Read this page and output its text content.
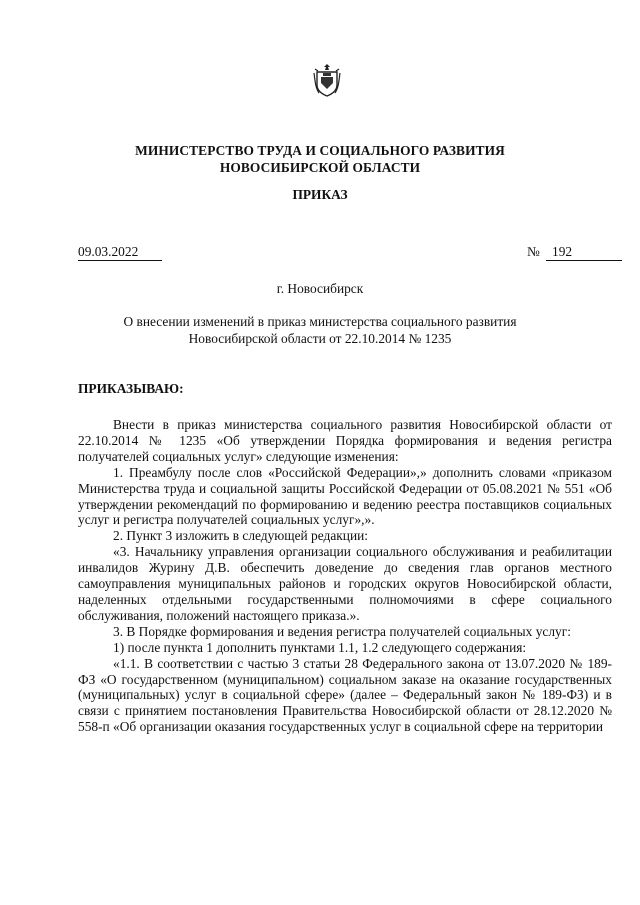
МИНИСТЕРСТВО ТРУДА И СОЦИАЛЬНОГО РАЗВИТИЯ
НОВОСИБИРСКОЙ ОБЛАСТИ
ПРИКАЗ
09.03.2022	№ 192
г. Новосибирск
О внесении изменений в приказ министерства социального развития
Новосибирской области от 22.10.2014 № 1235
ПРИКАЗЫВАЮ:

Внести в приказ министерства социального развития Новосибирской области от 22.10.2014 № 1235 «Об утверждении Порядка формирования и ведения регистра получателей социальных услуг» следующие изменения:

1. Преамбулу после слов «Российской Федерации»,» дополнить словами «приказом Министерства труда и социальной защиты Российской Федерации от 05.08.2021 № 551 «Об утверждении рекомендаций по формированию и ведению реестра поставщиков социальных услуг и регистра получателей социальных услуг»,».

2. Пункт 3 изложить в следующей редакции:

«3. Начальнику управления организации социального обслуживания и реабилитации инвалидов Журину Д.В. обеспечить доведение до сведения глав органов местного самоуправления муниципальных районов и городских округов Новосибирской области, наделенных отдельными государственными полномочиями в сфере социального обслуживания, положений настоящего приказа.».

3. В Порядке формирования и ведения регистра получателей социальных услуг:

1) после пункта 1 дополнить пунктами 1.1, 1.2 следующего содержания:

«1.1. В соответствии с частью 3 статьи 28 Федерального закона от 13.07.2020 № 189-ФЗ «О государственном (муниципальном) социальном заказе на оказание государственных (муниципальных) услуг в социальной сфере» (далее – Федеральный закон № 189-ФЗ) и в связи с принятием постановления Правительства Новосибирской области от 28.12.2020 № 558-п «Об организации оказания государственных услуг в социальной сфере на территории
